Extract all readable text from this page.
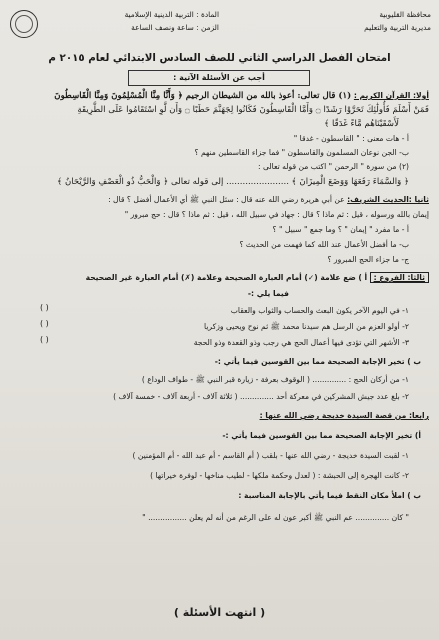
محافظة القليوبية
مديرية التربية والتعليم
المادة : التربية الدينية الإسلامية
الزمن : ساعة ونصف الساعة
امتحان الفصل الدراسي الثاني للصف السادس الابتدائي لعام ٢٠١٥ م
أجب عن الأسئلة الآتية :
أولا: القرآن الكريم : (١) قال تعالى: أعوذ بالله من الشيطان الرجيم ﴿ وَأَنَّا مِنَّا الْمُسْلِمُونَ وَمِنَّا الْقَاسِطُونَ
فَمَنْ أَسْلَمَ فَأُولَٰئِكَ تَحَرَّوْا رَشَدًا ۝ وَأَمَّا الْقَاسِطُونَ فَكَانُوا لِجَهَنَّمَ حَطَبًا ۝ وَأَن لَّوِ اسْتَقَامُوا عَلَى الطَّرِيقَةِ
لَأَسْقَيْنَاهُم مَّاءً غَدَقًا ﴾
أ - هات معنى : " القاسطون - غدقا "
ب- الجن نوعان المسلمون والقاسطون " فما جزاء القاسطين منهم ؟
(٢) من سورة " الرحمن " اكتب من قوله تعالى :
﴿ وَالسَّمَاءَ رَفَعَهَا وَوَضَعَ الْمِيزَانَ ﴾ ....................... إلى قوله تعالى ﴿ وَالْحَبُّ ذُو الْعَصْفِ وَالرَّيْحَانُ ﴾
ثانيا :الحديث الشريف: عن أبي هريرة رضي الله عنه قال : سئل النبي ﷺ أي الأعمال أفضل ؟ قال :
إيمان بالله ورسوله ، قيل : ثم ماذا ؟ قال : جهاد في سبيل الله ، قيل : ثم ماذا ؟ قال : حج مبرور "
أ - ما مفرد " إيمان " ؟ وما جمع " سبيل " ؟
ب- ما أفضل الأعمال عند الله كما فهمت من الحديث ؟
ج- ما جزاء الحج المبرور ؟
ثالثا: الفروع : أ ) ضع علامة (✓) أمام العبارة الصحيحة وعلامة (✗) أمام العبارة غير الصحيحة
فيما يلي :-
١- في اليوم الآخر يكون البعث والحساب والثواب والعقاب
( )
٢- أولو العزم من الرسل هم سيدنا محمد ﷺ ثم نوح ويحيى وزكريا
( )
٣- الأشهر التي تؤدى فيها أعمال الحج هي رجب وذو القعدة وذو الحجة
( )
ب ) تخير الإجابة الصحيحة مما بين القوسين فيما يأتي :-
١- من أركان الحج : .............. ( الوقوف بعرفة - زيارة قبر النبي ﷺ - طواف الوداع )
٢- بلغ عدد جيش المشركين في معركة أحد .............. ( ثلاثة آلاف - أربعة آلاف - خمسة آلاف )
رابعا: من قصة السيدة خديجة رضي الله عنها :
أ) تخير الإجابة الصحيحة مما بين القوسين فيما يأتي :-
١- لقبت السيدة خديجة - رضي الله عنها - بلقب ( أم القاسم - أم عبد الله - أم المؤمنين )
٢- كانت الهجرة إلى الحبشة : ( لعدل وحكمة ملكها - لطيب مناخها - لوفرة خيراتها )
ب ) املأ مكان النقط فيما يأتي بالإجابة المناسبة :
" كان .............. عم النبي ﷺ أكبر عون له على الرغم من أنه لم يعلن ................ "
( انتهت الأسئلة )
